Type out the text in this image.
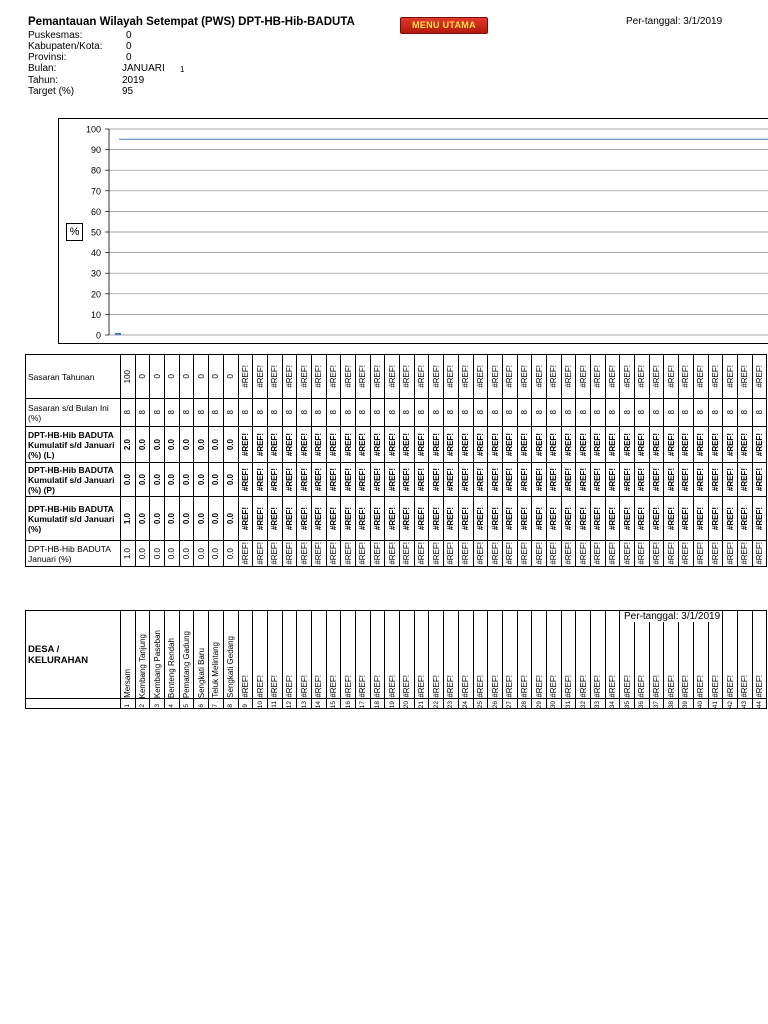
Pemantauan Wilayah Setempat (PWS) DPT-HB-Hib-BADUTA	MENU UTAMA	Per-tanggal: 3/1/2019
Puskesmas:	0
Kabupaten/Kota: 0
Provinsi:	0
Bulan:	JANUARI 1
Tahun:	2019
Target (%)	95
0
10
20
30
40
50
60
70
80
90
100
%
Sasaran Tahunan	100	0	0	0	0	0	0	0	#REF!	#REF!	#REF!	#REF!	#REF!	#REF!	#REF!	#REF!	#REF!	#REF!	#REF!	#REF!	#REF!	#REF!	#REF!	#REF!	#REF!	#REF!	#REF!	#REF!	#REF!	#REF!	#REF!	#REF!	#REF!	#REF!	#REF!	#REF!	#REF!	#REF!	#REF!	#REF!	#REF!	#REF!	#REF!	#REF!

Sasaran s/d Bulan Ini (%)	8	8	8	8	8	8	8	8	8	8	8	8	8	8	8	8	8	8	8	8	8	8	8	8	8	8	8	8	8	8	8	8	8	8	8	8	8	8	8	8	8	8	8	8

DPT-HB-Hib BADUTA Kumulatif s/d Januari (%) (L)	2.0	0.0	0.0	0.0	0.0	0.0	0.0	0.0	#REF!	#REF!	#REF!	#REF!	#REF!	#REF!	#REF!	#REF!	#REF!	#REF!	#REF!	#REF!	#REF!	#REF!	#REF!	#REF!	#REF!	#REF!	#REF!	#REF!	#REF!	#REF!	#REF!	#REF!	#REF!	#REF!	#REF!	#REF!	#REF!	#REF!	#REF!	#REF!	#REF!	#REF!	#REF!	#REF!

DPT-HB-Hib BADUTA Kumulatif s/d Januari (%) (P)	0.0	0.0	0.0	0.0	0.0	0.0	0.0	0.0	#REF!	#REF!	#REF!	#REF!	#REF!	#REF!	#REF!	#REF!	#REF!	#REF!	#REF!	#REF!	#REF!	#REF!	#REF!	#REF!	#REF!	#REF!	#REF!	#REF!	#REF!	#REF!	#REF!	#REF!	#REF!	#REF!	#REF!	#REF!	#REF!	#REF!	#REF!	#REF!	#REF!	#REF!	#REF!	#REF!

DPT-HB-Hib BADUTA Kumulatif s/d Januari (%)	1.0	0.0	0.0	0.0	0.0	0.0	0.0	0.0	#REF!	#REF!	#REF!	#REF!	#REF!	#REF!	#REF!	#REF!	#REF!	#REF!	#REF!	#REF!	#REF!	#REF!	#REF!	#REF!	#REF!	#REF!	#REF!	#REF!	#REF!	#REF!	#REF!	#REF!	#REF!	#REF!	#REF!	#REF!	#REF!	#REF!	#REF!	#REF!	#REF!	#REF!	#REF!	#REF!

DPT-HB-Hib BADUTA Januari (%)	1.0	0.0	0.0	0.0	0.0	0.0	0.0	0.0	#REF!	#REF!	#REF!	#REF!	#REF!	#REF!	#REF!	#REF!	#REF!	#REF!	#REF!	#REF!	#REF!	#REF!	#REF!	#REF!	#REF!	#REF!	#REF!	#REF!	#REF!	#REF!	#REF!	#REF!	#REF!	#REF!	#REF!	#REF!	#REF!	#REF!	#REF!	#REF!	#REF!	#REF!	#REF!	#REF!
DESA / KELURAHAN	Mersam	Kembang Tanjung	Kembang Paseban	Benteng Rendah	Pematang Gadung	Sengkati Baru	Teluk Melintang	Sengkati Gedang	#REF!	#REF!	#REF!	#REF!	#REF!	#REF!	#REF!	#REF!	#REF!	#REF!	#REF!	#REF!	#REF!	#REF!	#REF!	#REF!	#REF!	#REF!	#REF!	#REF!	#REF!	#REF!	#REF!	#REF!	#REF!	#REF!	#REF!	#REF!	#REF!	#REF!	#REF!	#REF!	#REF!	#REF!	#REF!	#REF!

	1	2	3	4	5	6	7	8	9	10	11	12	13	14	15	16	17	18	19	20	21	22	23	24	25	26	27	28	29	30	31	32	33	34	35	36	37	38	39	40	41	42	43	44
Per-tanggal: 3/1/2019
